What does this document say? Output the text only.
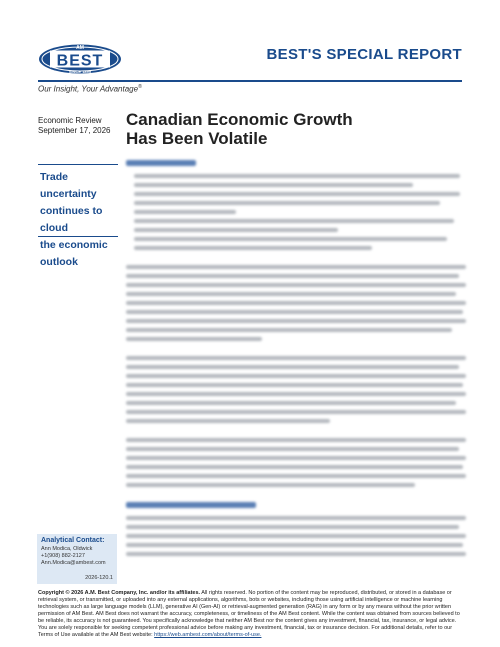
AM
BEST
SINCE 1899
BEST'S SPECIAL REPORT
Our Insight, Your Advantage®
Economic Review
September 17, 2026
Canadian Economic Growth
Has Been Volatile
Trade uncertainty
continues to cloud
the economic
outlook
Analytical Contact:
Ann Modica, Oldwick
+1(908) 882-2127
Ann.Modica@ambest.com
2026-120.1
Copyright © 2026 A.M. Best Company, Inc. and/or its affiliates. All rights reserved. No portion of the content may be reproduced, distributed, or stored in a database or retrieval system, or transmitted, or uploaded into any external applications, algorithms, bots or websites, including those using artificial intelligence or machine learning technologies such as large language models (LLM), generative AI (Gen-AI) or retrieval-augmented generation (RAG) in any form or by any means without the prior written permission of AM Best. AM Best does not warrant the accuracy, completeness, or timeliness of the AM Best content. While the content was obtained from sources believed to be reliable, its accuracy is not guaranteed. You specifically acknowledge that neither AM Best nor the content gives any investment, financial, tax, insurance, or legal advice. You are solely responsible for seeking competent professional advice before making any investment, financial, tax or insurance decision. For additional details, refer to our Terms of Use available at the AM Best website: https://web.ambest.com/about/terms-of-use.
